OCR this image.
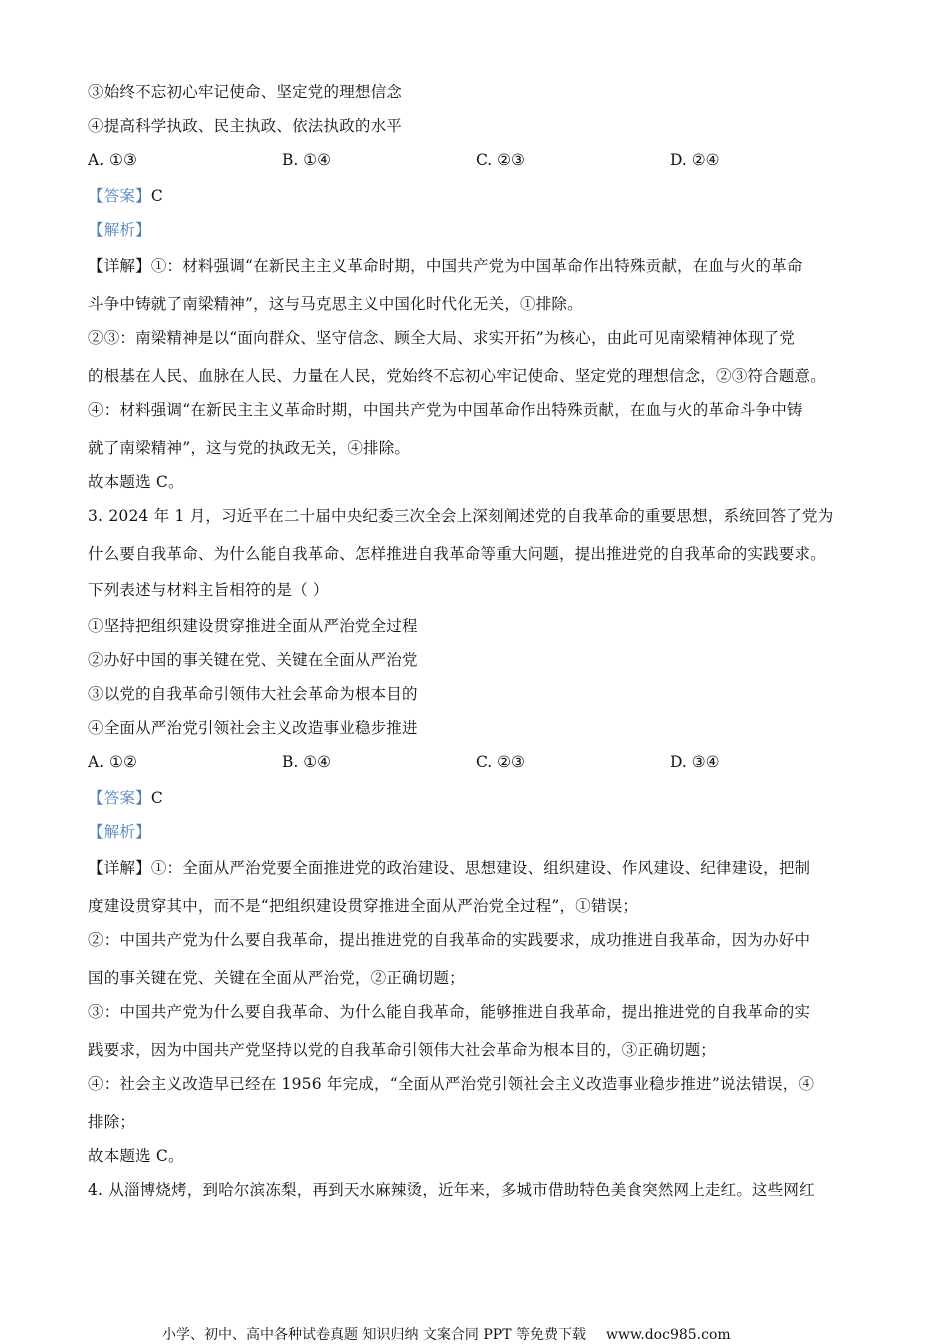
③始终不忘初心牢记使命、坚定党的理想信念
④提高科学执政、民主执政、依法执政的水平
A. ①③	B. ①④	C. ②③	D. ②④
【答案】C
【解析】
【详解】①：材料强调“在新民主主义革命时期，中国共产党为中国革命作出特殊贡献，在血与火的革命
斗争中铸就了南梁精神”，这与马克思主义中国化时代化无关，①排除。
②③：南梁精神是以“面向群众、坚守信念、顾全大局、求实开拓”为核心，由此可见南梁精神体现了党
的根基在人民、血脉在人民、力量在人民，党始终不忘初心牢记使命、坚定党的理想信念，②③符合题意。
④：材料强调“在新民主主义革命时期，中国共产党为中国革命作出特殊贡献，在血与火的革命斗争中铸
就了南梁精神”，这与党的执政无关，④排除。
故本题选 C。
3. 2024 年 1 月，习近平在二十届中央纪委三次全会上深刻阐述党的自我革命的重要思想，系统回答了党为
什么要自我革命、为什么能自我革命、怎样推进自我革命等重大问题，提出推进党的自我革命的实践要求。
下列表述与材料主旨相符的是（ ）
①坚持把组织建设贯穿推进全面从严治党全过程
②办好中国的事关键在党、关键在全面从严治党
③以党的自我革命引领伟大社会革命为根本目的
④全面从严治党引领社会主义改造事业稳步推进
A. ①②	B. ①④	C. ②③	D. ③④
【答案】C
【解析】
【详解】①：全面从严治党要全面推进党的政治建设、思想建设、组织建设、作风建设、纪律建设，把制
度建设贯穿其中，而不是“把组织建设贯穿推进全面从严治党全过程”，①错误；
②：中国共产党为什么要自我革命，提出推进党的自我革命的实践要求，成功推进自我革命，因为办好中
国的事关键在党、关键在全面从严治党，②正确切题；
③：中国共产党为什么要自我革命、为什么能自我革命，能够推进自我革命，提出推进党的自我革命的实
践要求，因为中国共产党坚持以党的自我革命引领伟大社会革命为根本目的，③正确切题；
④：社会主义改造早已经在 1956 年完成，“全面从严治党引领社会主义改造事业稳步推进”说法错误，④
排除；
故本题选 C。
4. 从淄博烧烤，到哈尔滨冻梨，再到天水麻辣烫，近年来，多城市借助特色美食突然网上走红。这些网红
小学、初中、高中各种试卷真题 知识归纳 文案合同 PPT 等免费下载 www.doc985.com
